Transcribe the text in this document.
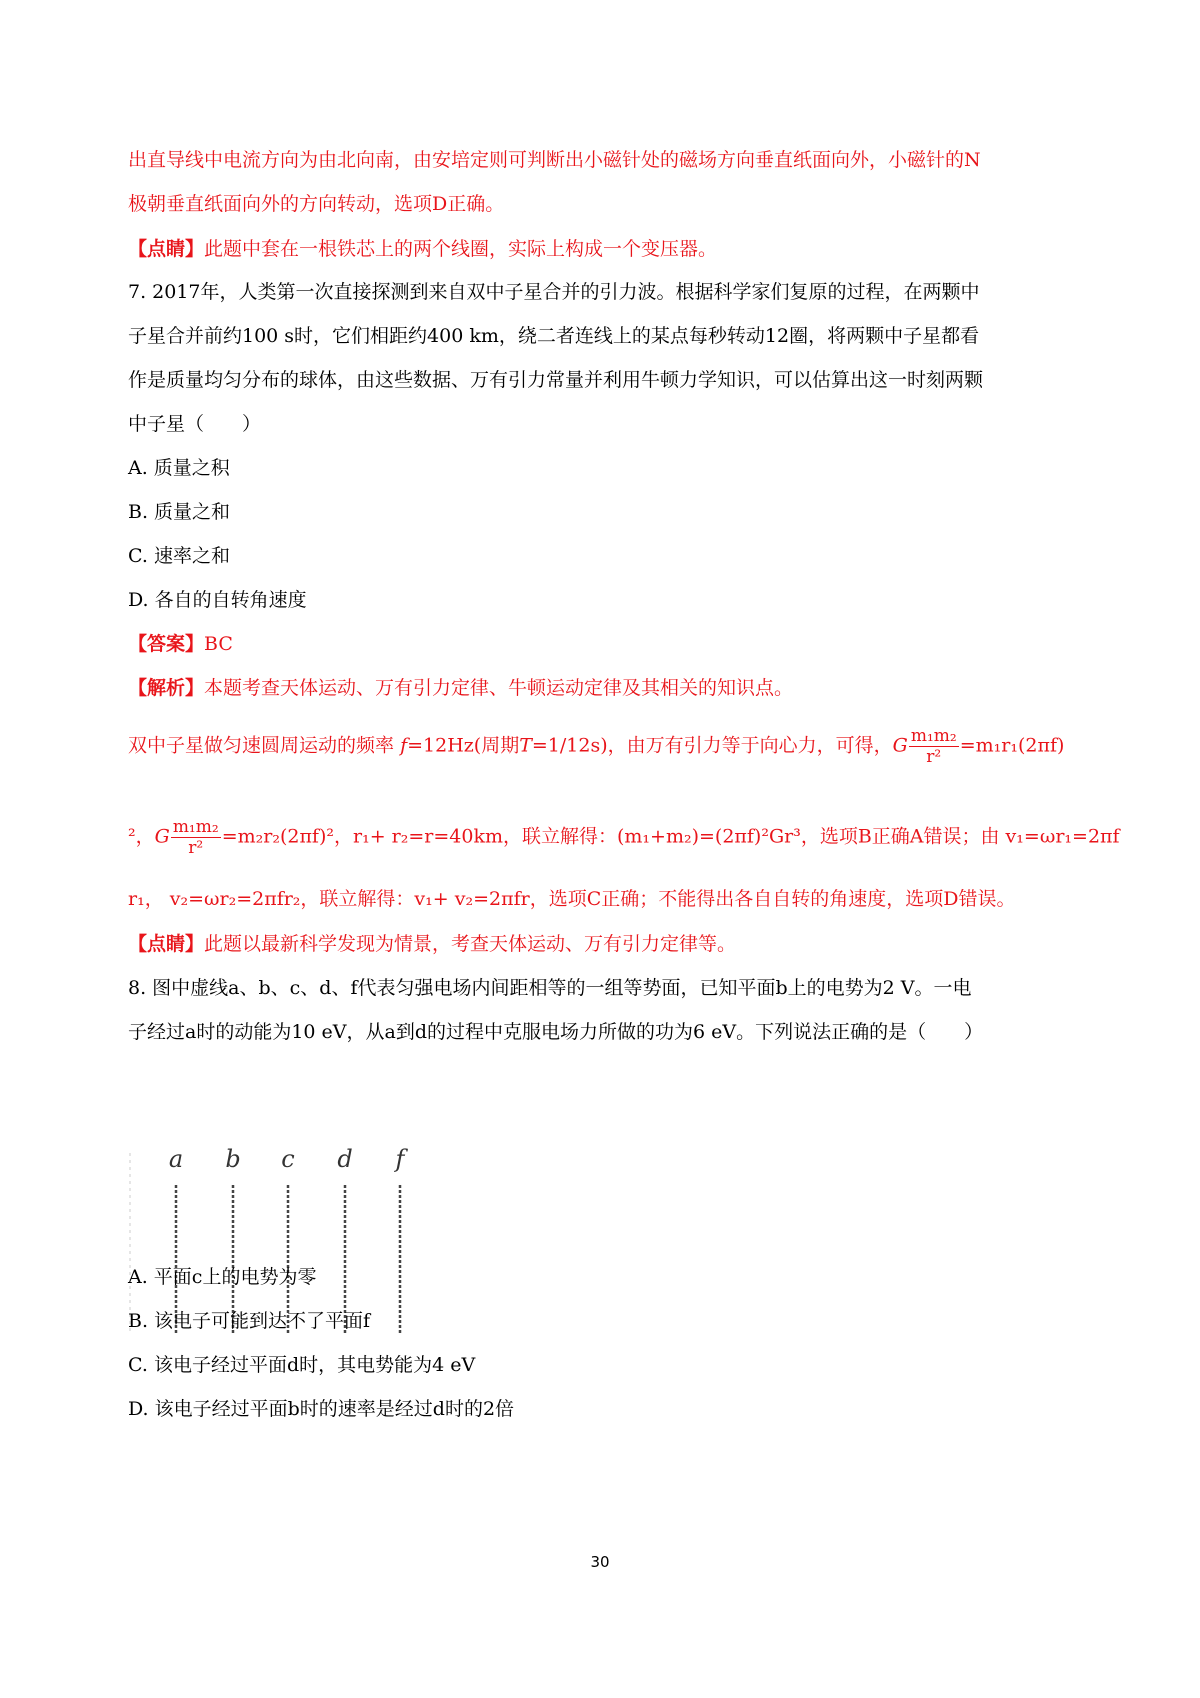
出直导线中电流方向为由北向南，由安培定则可判断出小磁针处的磁场方向垂直纸面向外，小磁针的N
极朝垂直纸面向外的方向转动，选项D正确。
【点睛】此题中套在一根铁芯上的两个线圈，实际上构成一个变压器。
7. 2017年，人类第一次直接探测到来自双中子星合并的引力波。根据科学家们复原的过程，在两颗中
子星合并前约100 s时，它们相距约400 km，绕二者连线上的某点每秒转动12圈，将两颗中子星都看
作是质量均匀分布的球体，由这些数据、万有引力常量并利用牛顿力学知识，可以估算出这一时刻两颗
中子星（　　）
A. 质量之积
B. 质量之和
C. 速率之和
D. 各自的自转角速度
【答案】BC
【解析】本题考查天体运动、万有引力定律、牛顿运动定律及其相关的知识点。
双中子星做匀速圆周运动的频率 f=12Hz(周期T=1/12s)，由万有引力等于向心力，可得，G $\frac{\text{m₁m₂}}{\text{r²}} =m_1r_1(2\pi f)$
²，G $\frac{\text{m₁m₂}}{\text{r²}} =m_2r_2(2\pi f)^2$，r₁+ r₂=r=40km，联立解得：(m₁+m₂)=(2πf)²Gr³，选项B正确A错误；由 v₁=ωr₁=2πf
r₁， v₂=ωr₂=2πfr₂，联立解得：v₁+ v₂=2πfr，选项C正确；不能得出各自自转的角速度，选项D错误。
【点睛】此题以最新科学发现为情景，考查天体运动、万有引力定律等。
8. 图中虚线a、b、c、d、f代表匀强电场内间距相等的一组等势面，已知平面b上的电势为2 V。一电
子经过a时的动能为10 eV，从a到d的过程中克服电场力所做的功为6 eV。下列说法正确的是（　　）
a b c d f
A. 平面c上的电势为零
B. 该电子可能到达不了平面f
C. 该电子经过平面d时，其电势能为4 eV
D. 该电子经过平面b时的速率是经过d时的2倍
30
